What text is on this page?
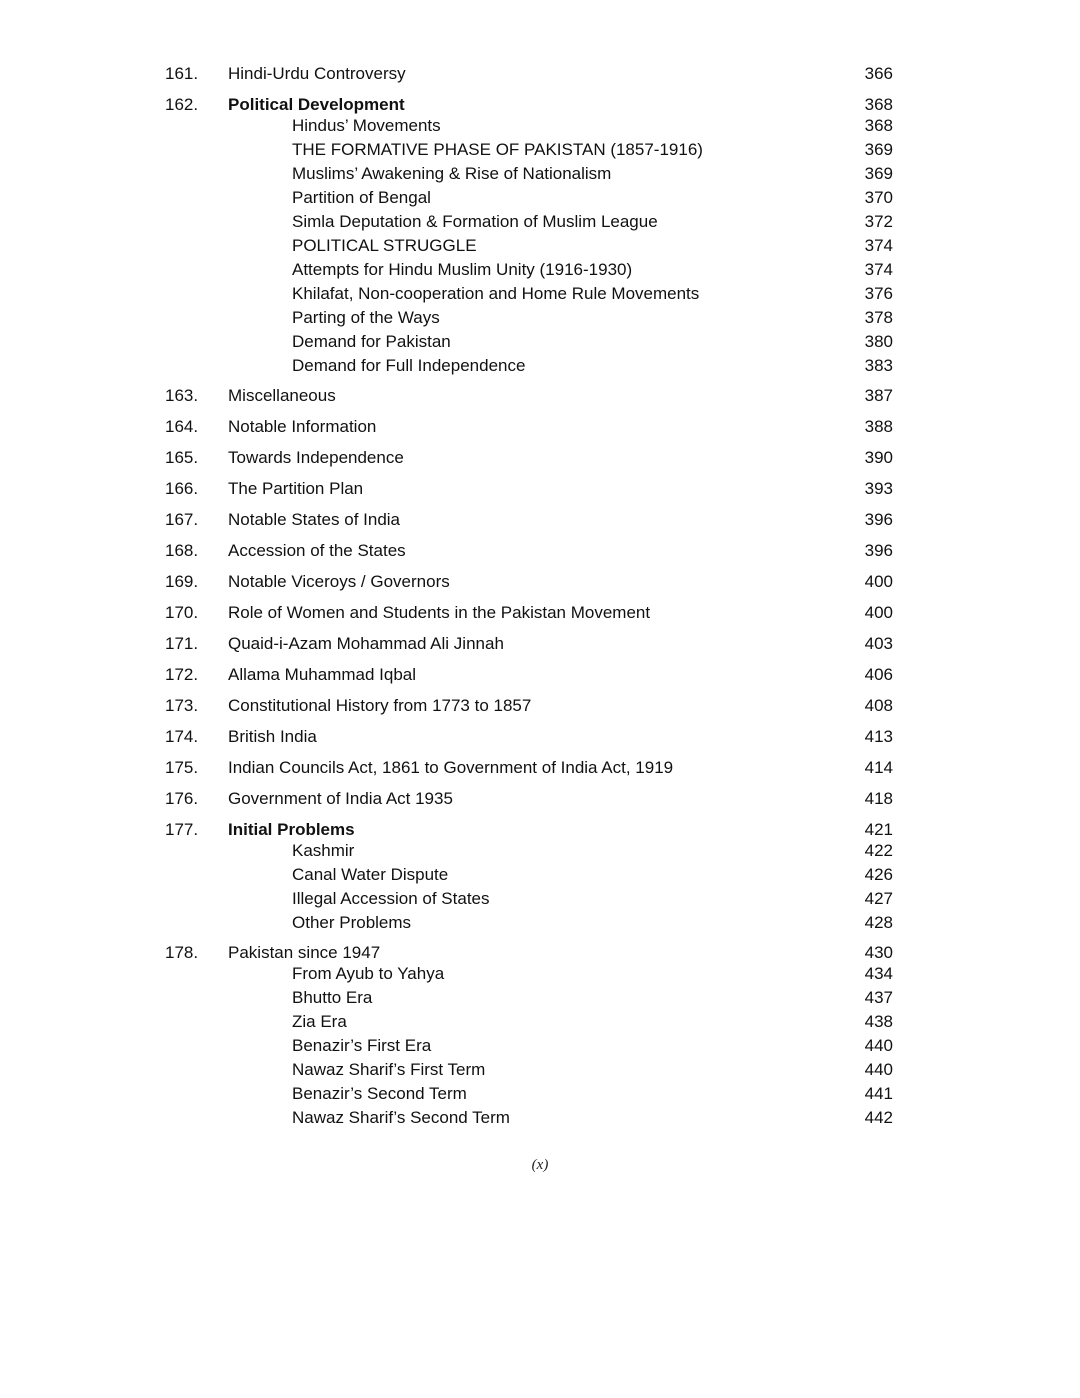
161. Hindi-Urdu Controversy	366
162. Political Development	368
Hindus’ Movements	368
THE FORMATIVE PHASE OF PAKISTAN (1857-1916)	369
Muslims’ Awakening & Rise of Nationalism	369
Partition of Bengal	370
Simla Deputation & Formation of Muslim League	372
POLITICAL STRUGGLE	374
Attempts for Hindu Muslim Unity (1916-1930)	374
Khilafat, Non-cooperation and Home Rule Movements	376
Parting of the Ways	378
Demand for Pakistan	380
Demand for Full Independence	383
163. Miscellaneous	387
164. Notable Information	388
165. Towards Independence	390
166. The Partition Plan	393
167. Notable States of India	396
168. Accession of the States	396
169. Notable Viceroys / Governors	400
170. Role of Women and Students in the Pakistan Movement	400
171. Quaid-i-Azam Mohammad Ali Jinnah	403
172. Allama Muhammad Iqbal	406
173. Constitutional History from 1773 to 1857	408
174. British India	413
175. Indian Councils Act, 1861 to Government of India Act, 1919	414
176. Government of India Act 1935	418
177. Initial Problems	421
Kashmir	422
Canal Water Dispute	426
Illegal Accession of States	427
Other Problems	428
178. Pakistan since 1947	430
From Ayub to Yahya	434
Bhutto Era	437
Zia Era	438
Benazir’s First Era	440
Nawaz Sharif’s First Term	440
Benazir’s Second Term	441
Nawaz Sharif’s Second Term	442
(x)
